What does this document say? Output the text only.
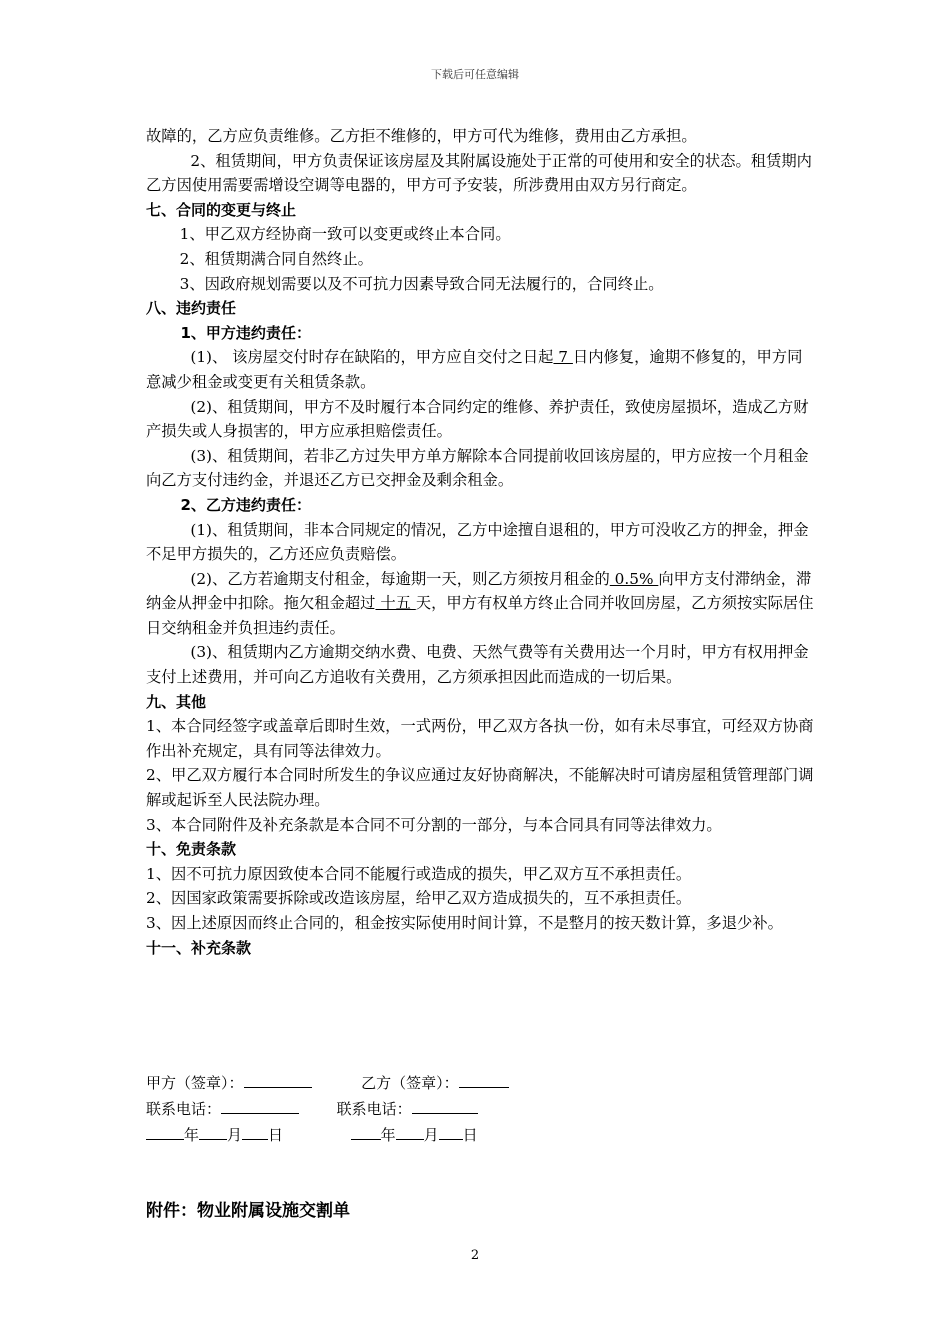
下载后可任意编辑

故障的，乙方应负责维修。乙方拒不维修的，甲方可代为维修，费用由乙方承担。

2、租赁期间，甲方负责保证该房屋及其附属设施处于正常的可使用和安全的状态。租赁期内乙方因使用需要需增设空调等电器的，甲方可予安装，所涉费用由双方另行商定。

七、合同的变更与终止

1、甲乙双方经协商一致可以变更或终止本合同。

2、租赁期满合同自然终止。

3、因政府规划需要以及不可抗力因素导致合同无法履行的，合同终止。

八、违约责任

1、甲方违约责任：

(1)、 该房屋交付时存在缺陷的，甲方应自交付之日起 7 日内修复，逾期不修复的，甲方同意减少租金或变更有关租赁条款。

(2)、租赁期间，甲方不及时履行本合同约定的维修、养护责任，致使房屋损坏，造成乙方财产损失或人身损害的，甲方应承担赔偿责任。

(3)、租赁期间，若非乙方过失甲方单方解除本合同提前收回该房屋的，甲方应按一个月租金向乙方支付违约金，并退还乙方已交押金及剩余租金。

2、乙方违约责任：

(1)、租赁期间，非本合同规定的情况，乙方中途擅自退租的，甲方可没收乙方的押金，押金不足甲方损失的，乙方还应负责赔偿。

(2)、乙方若逾期支付租金，每逾期一天，则乙方须按月租金的 0.5% 向甲方支付滞纳金，滞纳金从押金中扣除。拖欠租金超过 十五 天，甲方有权单方终止合同并收回房屋，乙方须按实际居住日交纳租金并负担违约责任。

(3)、租赁期内乙方逾期交纳水费、电费、天然气费等有关费用达一个月时，甲方有权用押金支付上述费用，并可向乙方追收有关费用，乙方须承担因此而造成的一切后果。

九、其他

1、本合同经签字或盖章后即时生效，一式两份，甲乙双方各执一份，如有未尽事宜，可经双方协商作出补充规定，具有同等法律效力。

2、甲乙双方履行本合同时所发生的争议应通过友好协商解决，不能解决时可请房屋租赁管理部门调解或起诉至人民法院办理。

3、本合同附件及补充条款是本合同不可分割的一部分，与本合同具有同等法律效力。

十、免责条款

1、因不可抗力原因致使本合同不能履行或造成的损失，甲乙双方互不承担责任。

2、因国家政策需要拆除或改造该房屋，给甲乙双方造成损失的，互不承担责任。

3、因上述原因而终止合同的，租金按实际使用时间计算，不是整月的按天数计算，多退少补。

十一、补充条款

甲方（签章）：	乙方（签章）：
联系电话：	联系电话：
年 月 日	年 月 日
附件：物业附属设施交割单
2
